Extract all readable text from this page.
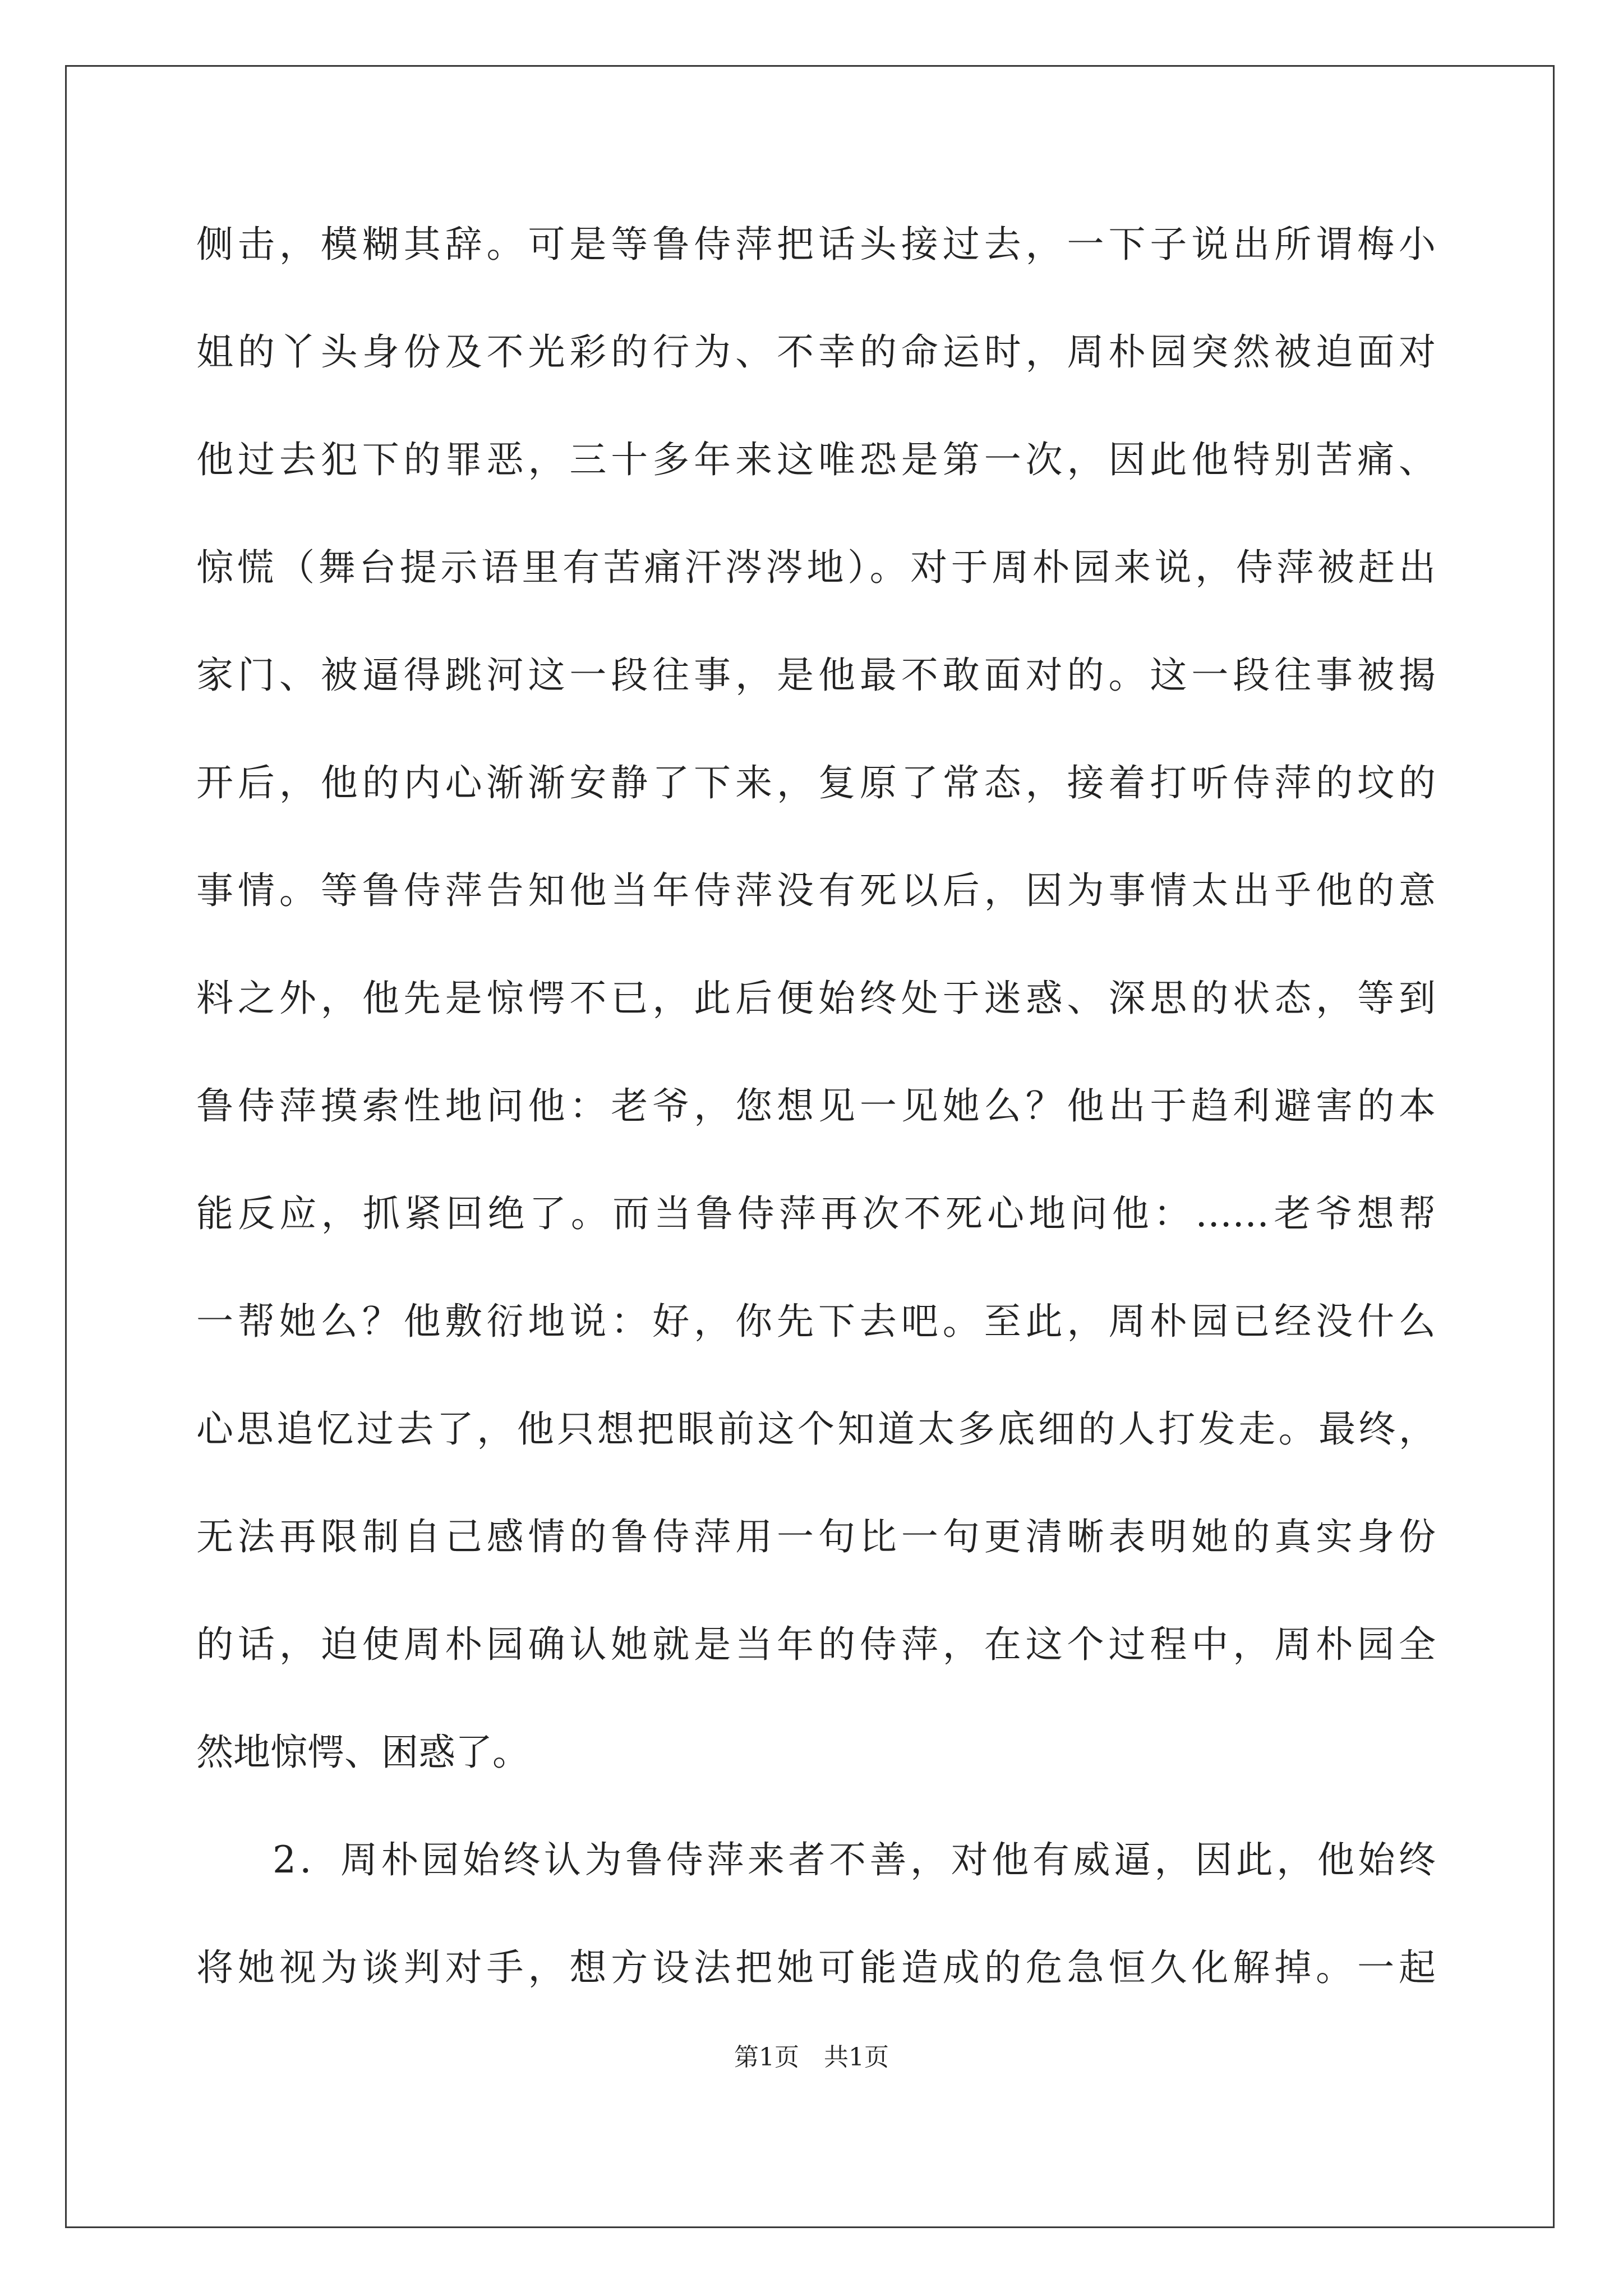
侧击，模糊其辞。可是等鲁侍萍把话头接过去，一下子说出所谓梅小
姐的丫头身份及不光彩的行为、不幸的命运时，周朴园突然被迫面对
他过去犯下的罪恶，三十多年来这唯恐是第一次，因此他特别苦痛、
惊慌（舞台提示语里有苦痛汗涔涔地）。对于周朴园来说，侍萍被赶出
家门、被逼得跳河这一段往事，是他最不敢面对的。这一段往事被揭
开后，他的内心渐渐安静了下来，复原了常态，接着打听侍萍的坟的
事情。等鲁侍萍告知他当年侍萍没有死以后，因为事情太出乎他的意
料之外，他先是惊愕不已，此后便始终处于迷惑、深思的状态，等到
鲁侍萍摸索性地问他：老爷，您想见一见她么？他出于趋利避害的本
能反应，抓紧回绝了。而当鲁侍萍再次不死心地问他：……老爷想帮
一帮她么？他敷衍地说：好，你先下去吧。至此，周朴园已经没什么
心思追忆过去了，他只想把眼前这个知道太多底细的人打发走。最终，
无法再限制自己感情的鲁侍萍用一句比一句更清晰表明她的真实身份
的话，迫使周朴园确认她就是当年的侍萍，在这个过程中，周朴园全
然地惊愕、困惑了。
2．周朴园始终认为鲁侍萍来者不善，对他有威逼，因此，他始终
将她视为谈判对手，想方设法把她可能造成的危急恒久化解掉。一起
第1页 共1页
